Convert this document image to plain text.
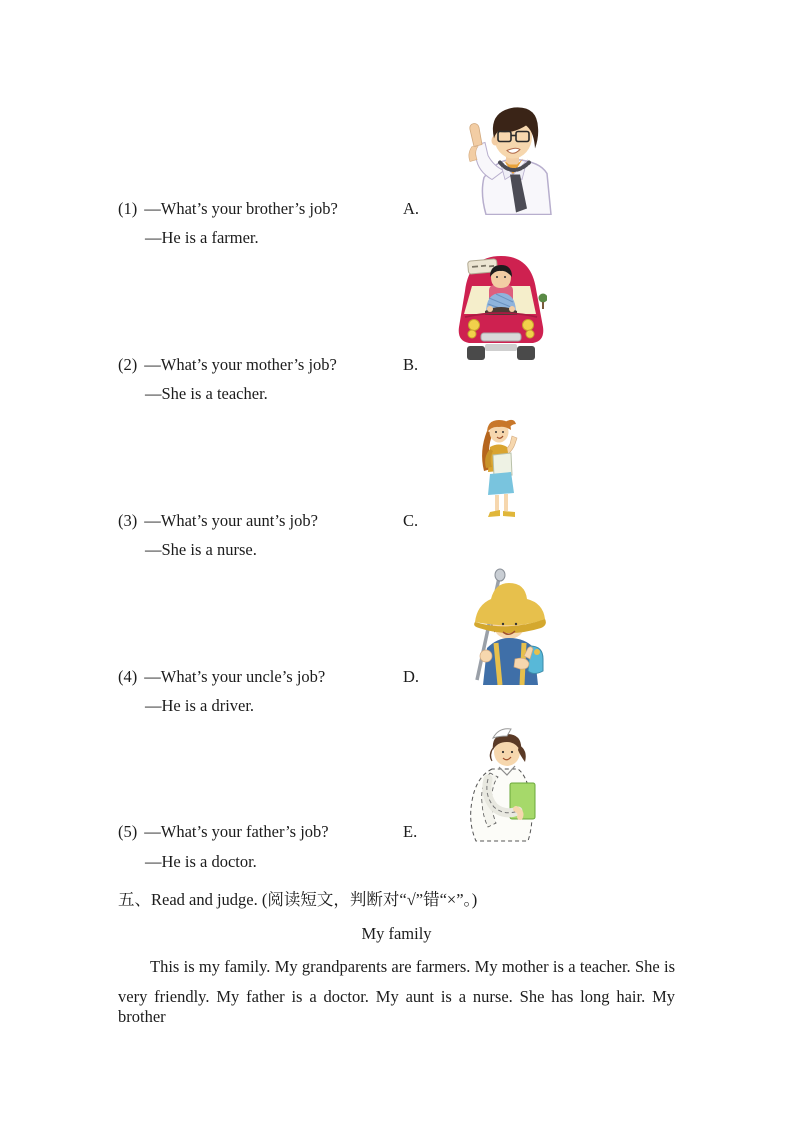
(1) —What’s your brother’s job?	A.
—He is a farmer.
(2) —What’s your mother’s job?	B.
—She is a teacher.
(3) —What’s your aunt’s job?	C.
—She is a nurse.
(4) —What’s your uncle’s job?	D.
—He is a driver.
(5) —What’s your father’s job?	E.
—He is a doctor.
五、Read and judge. (阅读短文，判断对“√”错“×”。)
My family
This is my family. My grandparents are farmers. My mother is a teacher. She is
very friendly. My father is a doctor. My aunt is a nurse. She has long hair. My brother
